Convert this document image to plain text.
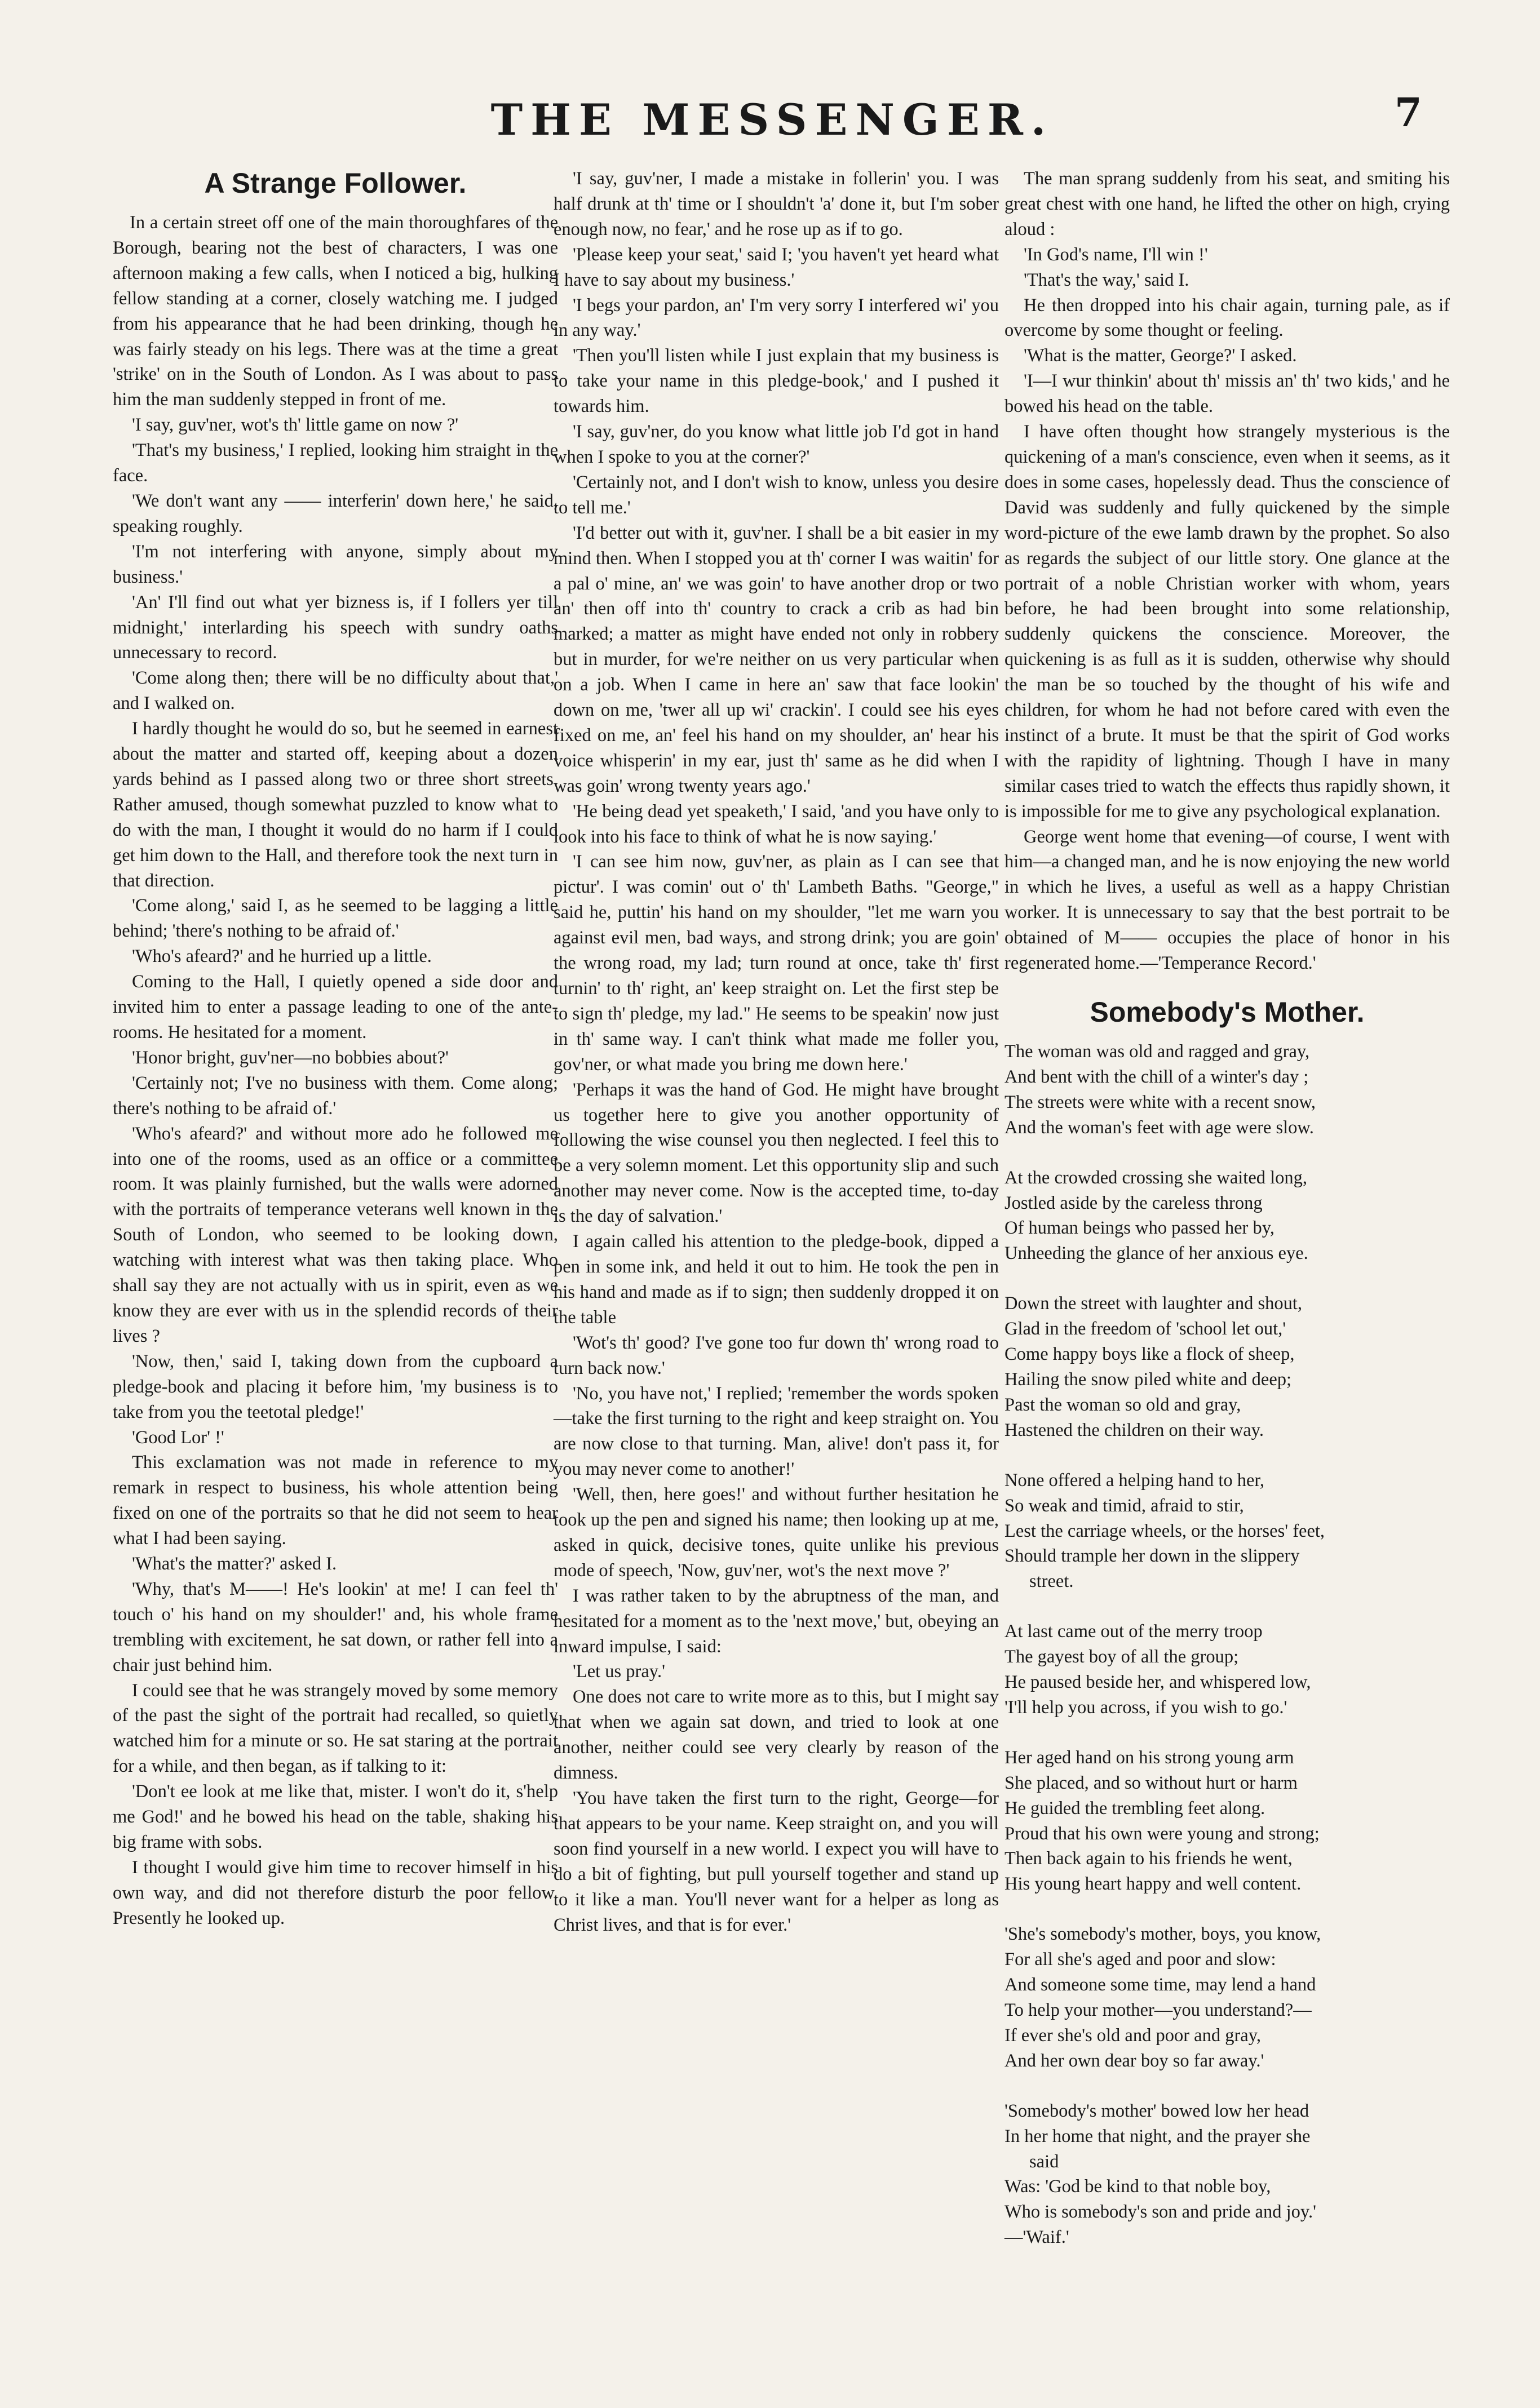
THE MESSENGER.	7
A Strange Follower.

In a certain street off one of the main thoroughfares of the Borough, bearing not the best of characters, I was one afternoon making a few calls, when I noticed a big, hulking fellow standing at a corner, closely watching me. I judged from his appearance that he had been drinking, though he was fairly steady on his legs. There was at the time a great 'strike' on in the South of London. As I was about to pass him the man suddenly stepped in front of me.

'I say, guv'ner, wot's th' little game on now ?'

'That's my business,' I replied, looking him straight in the face.

'We don't want any —— interferin' down here,' he said, speaking roughly.

'I'm not interfering with anyone, simply about my business.'

'An' I'll find out what yer bizness is, if I follers yer till midnight,' interlarding his speech with sundry oaths unnecessary to record.

'Come along then; there will be no difficulty about that,' and I walked on.

I hardly thought he would do so, but he seemed in earnest about the matter and started off, keeping about a dozen yards behind as I passed along two or three short streets. Rather amused, though somewhat puzzled to know what to do with the man, I thought it would do no harm if I could get him down to the Hall, and therefore took the next turn in that direction.

'Come along,' said I, as he seemed to be lagging a little behind; 'there's nothing to be afraid of.'

'Who's afeard?' and he hurried up a little.

Coming to the Hall, I quietly opened a side door and invited him to enter a passage leading to one of the ante-rooms. He hesitated for a moment.

'Honor bright, guv'ner—no bobbies about?'

'Certainly not; I've no business with them. Come along; there's nothing to be afraid of.'

'Who's afeard?' and without more ado he followed me into one of the rooms, used as an office or a committee room. It was plainly furnished, but the walls were adorned with the portraits of temperance veterans well known in the South of London, who seemed to be looking down, watching with interest what was then taking place. Who shall say they are not actually with us in spirit, even as we know they are ever with us in the splendid records of their lives ?

'Now, then,' said I, taking down from the cupboard a pledge-book and placing it before him, 'my business is to take from you the teetotal pledge!'

'Good Lor' !'

This exclamation was not made in reference to my remark in respect to business, his whole attention being fixed on one of the portraits so that he did not seem to hear what I had been saying.

'What's the matter?' asked I.

'Why, that's M——! He's lookin' at me! I can feel th' touch o' his hand on my shoulder!' and, his whole frame trembling with excitement, he sat down, or rather fell into a chair just behind him.

I could see that he was strangely moved by some memory of the past the sight of the portrait had recalled, so quietly watched him for a minute or so. He sat staring at the portrait for a while, and then began, as if talking to it:

'Don't ee look at me like that, mister. I won't do it, s'help me God!' and he bowed his head on the table, shaking his big frame with sobs.

I thought I would give him time to recover himself in his own way, and did not therefore disturb the poor fellow. Presently he looked up.

'I say, guv'ner, I made a mistake in follerin' you. I was half drunk at th' time or I shouldn't 'a' done it, but I'm sober enough now, no fear,' and he rose up as if to go.

'Please keep your seat,' said I; 'you haven't yet heard what I have to say about my business.'

'I begs your pardon, an' I'm very sorry I interfered wi' you in any way.'

'Then you'll listen while I just explain that my business is to take your name in this pledge-book,' and I pushed it towards him.

'I say, guv'ner, do you know what little job I'd got in hand when I spoke to you at the corner?'

'Certainly not, and I don't wish to know, unless you desire to tell me.'

'I'd better out with it, guv'ner. I shall be a bit easier in my mind then. When I stopped you at th' corner I was waitin' for a pal o' mine, an' we was goin' to have another drop or two an' then off into th' country to crack a crib as had bin marked; a matter as might have ended not only in robbery but in murder, for we're neither on us very particular when on a job. When I came in here an' saw that face lookin' down on me, 'twer all up wi' crackin'. I could see his eyes fixed on me, an' feel his hand on my shoulder, an' hear his voice whisperin' in my ear, just th' same as he did when I was goin' wrong twenty years ago.'

'He being dead yet speaketh,' I said, 'and you have only to look into his face to think of what he is now saying.'

'I can see him now, guv'ner, as plain as I can see that pictur'. I was comin' out o' th' Lambeth Baths. "George," said he, puttin' his hand on my shoulder, "let me warn you against evil men, bad ways, and strong drink; you are goin' the wrong road, my lad; turn round at once, take th' first turnin' to th' right, an' keep straight on. Let the first step be to sign th' pledge, my lad." He seems to be speakin' now just in th' same way. I can't think what made me foller you, gov'ner, or what made you bring me down here.'

'Perhaps it was the hand of God. He might have brought us together here to give you another opportunity of following the wise counsel you then neglected. I feel this to be a very solemn moment. Let this opportunity slip and such another may never come. Now is the accepted time, to-day is the day of salvation.'

I again called his attention to the pledge-book, dipped a pen in some ink, and held it out to him. He took the pen in his hand and made as if to sign; then suddenly dropped it on the table

'Wot's th' good? I've gone too fur down th' wrong road to turn back now.'

'No, you have not,' I replied; 'remember the words spoken—take the first turning to the right and keep straight on. You are now close to that turning. Man, alive! don't pass it, for you may never come to another!'

'Well, then, here goes!' and without further hesitation he took up the pen and signed his name; then looking up at me, asked in quick, decisive tones, quite unlike his previous mode of speech, 'Now, guv'ner, wot's the next move ?'

I was rather taken to by the abruptness of the man, and hesitated for a moment as to the 'next move,' but, obeying an inward impulse, I said:

'Let us pray.'

One does not care to write more as to this, but I might say that when we again sat down, and tried to look at one another, neither could see very clearly by reason of the dimness.

'You have taken the first turn to the right, George—for that appears to be your name. Keep straight on, and you will soon find yourself in a new world. I expect you will have to do a bit of fighting, but pull yourself together and stand up to it like a man. You'll never want for a helper as long as Christ lives, and that is for ever.'

The man sprang suddenly from his seat, and smiting his great chest with one hand, he lifted the other on high, crying aloud :

'In God's name, I'll win !'

'That's the way,' said I.

He then dropped into his chair again, turning pale, as if overcome by some thought or feeling.

'What is the matter, George?' I asked.

'I—I wur thinkin' about th' missis an' th' two kids,' and he bowed his head on the table.

I have often thought how strangely mysterious is the quickening of a man's conscience, even when it seems, as it does in some cases, hopelessly dead. Thus the conscience of David was suddenly and fully quickened by the simple word-picture of the ewe lamb drawn by the prophet. So also as regards the subject of our little story. One glance at the portrait of a noble Christian worker with whom, years before, he had been brought into some relationship, suddenly quickens the conscience. Moreover, the quickening is as full as it is sudden, otherwise why should the man be so touched by the thought of his wife and children, for whom he had not before cared with even the instinct of a brute. It must be that the spirit of God works with the rapidity of lightning. Though I have in many similar cases tried to watch the effects thus rapidly shown, it is impossible for me to give any psychological explanation.

George went home that evening—of course, I went with him—a changed man, and he is now enjoying the new world in which he lives, a useful as well as a happy Christian worker. It is unnecessary to say that the best portrait to be obtained of M—— occupies the place of honor in his regenerated home.—'Temperance Record.'

Somebody's Mother.
The woman was old and ragged and gray,
And bent with the chill of a winter's day ;
The streets were white with a recent snow,
And the woman's feet with age were slow.
At the crowded crossing she waited long,
Jostled aside by the careless throng
Of human beings who passed her by,
Unheeding the glance of her anxious eye.
Down the street with laughter and shout,
Glad in the freedom of 'school let out,'
Come happy boys like a flock of sheep,
Hailing the snow piled white and deep;
Past the woman so old and gray,
Hastened the children on their way.
None offered a helping hand to her,
So weak and timid, afraid to stir,
Lest the carriage wheels, or the horses' feet,
Should trample her down in the slippery
street.
At last came out of the merry troop
The gayest boy of all the group;
He paused beside her, and whispered low,
'I'll help you across, if you wish to go.'
Her aged hand on his strong young arm
She placed, and so without hurt or harm
He guided the trembling feet along.
Proud that his own were young and strong;
Then back again to his friends he went,
His young heart happy and well content.
'She's somebody's mother, boys, you know,
For all she's aged and poor and slow:
And someone some time, may lend a hand
To help your mother—you understand?—
If ever she's old and poor and gray,
And her own dear boy so far away.'
'Somebody's mother' bowed low her head
In her home that night, and the prayer she
said
Was: 'God be kind to that noble boy,
Who is somebody's son and pride and joy.'
—'Waif.'
